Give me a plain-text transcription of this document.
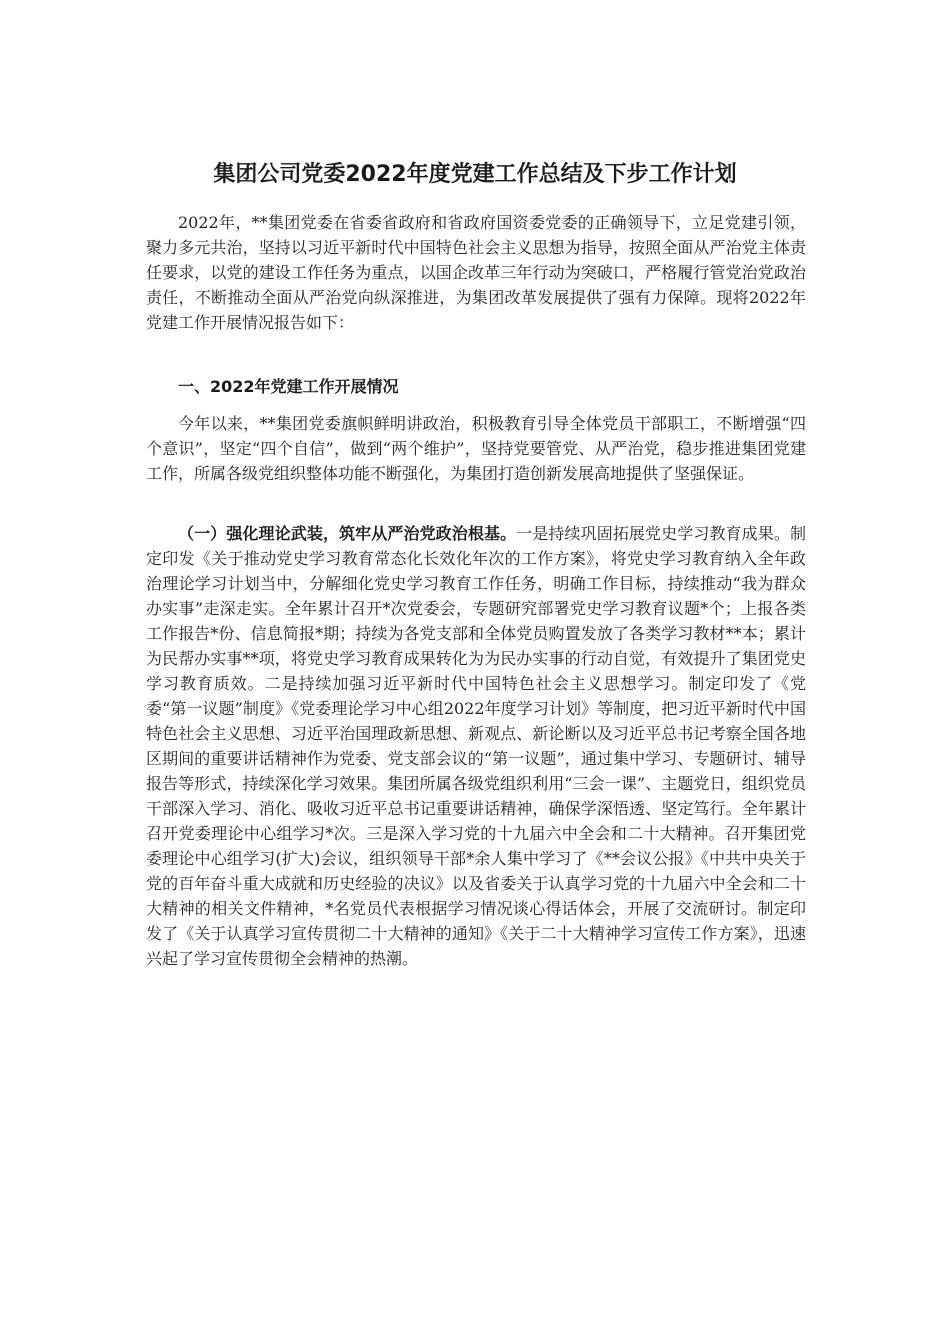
集团公司党委2022年度党建工作总结及下步工作计划

2022年，**集团党委在省委省政府和省政府国资委党委的正确领导下，立足党建引领，聚力多元共治，坚持以习近平新时代中国特色社会主义思想为指导，按照全面从严治党主体责任要求，以党的建设工作任务为重点，以国企改革三年行动为突破口，严格履行管党治党政治责任，不断推动全面从严治党向纵深推进，为集团改革发展提供了强有力保障。现将2022年党建工作开展情况报告如下：

一、2022年党建工作开展情况

今年以来，**集团党委旗帜鲜明讲政治，积极教育引导全体党员干部职工，不断增强“四个意识”，坚定“四个自信”，做到“两个维护”，坚持党要管党、从严治党，稳步推进集团党建工作，所属各级党组织整体功能不断强化，为集团打造创新发展高地提供了坚强保证。

（一）强化理论武装，筑牢从严治党政治根基。一是持续巩固拓展党史学习教育成果。制定印发《关于推动党史学习教育常态化长效化年次的工作方案》，将党史学习教育纳入全年政治理论学习计划当中，分解细化党史学习教育工作任务，明确工作目标，持续推动“我为群众办实事”走深走实。全年累计召开*次党委会，专题研究部署党史学习教育议题*个；上报各类工作报告*份、信息简报*期；持续为各党支部和全体党员购置发放了各类学习教材**本；累计为民帮办实事**项，将党史学习教育成果转化为为民办实事的行动自觉，有效提升了集团党史学习教育质效。二是持续加强习近平新时代中国特色社会主义思想学习。制定印发了《党委“第一议题”制度》《党委理论学习中心组2022年度学习计划》等制度，把习近平新时代中国特色社会主义思想、习近平治国理政新思想、新观点、新论断以及习近平总书记考察全国各地区期间的重要讲话精神作为党委、党支部会议的“第一议题”，通过集中学习、专题研讨、辅导报告等形式，持续深化学习效果。集团所属各级党组织利用“三会一课”、主题党日，组织党员干部深入学习、消化、吸收习近平总书记重要讲话精神，确保学深悟透、坚定笃行。全年累计召开党委理论中心组学习*次。三是深入学习党的十九届六中全会和二十大精神。召开集团党委理论中心组学习(扩大)会议，组织领导干部*余人集中学习了《**会议公报》《中共中央关于党的百年奋斗重大成就和历史经验的决议》以及省委关于认真学习党的十九届六中全会和二十大精神的相关文件精神，*名党员代表根据学习情况谈心得话体会，开展了交流研讨。制定印发了《关于认真学习宣传贯彻二十大精神的通知》《关于二十大精神学习宣传工作方案》，迅速兴起了学习宣传贯彻全会精神的热潮。
